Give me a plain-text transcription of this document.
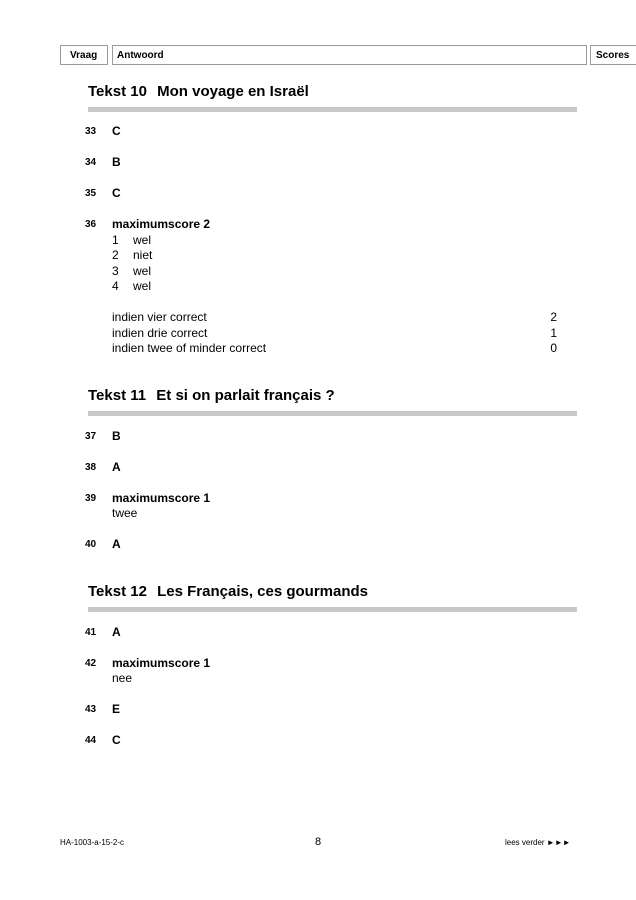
Vraag	Antwoord	Scores
Tekst 10 Mon voyage en Israël
33 C
34 B
35 C
36 maximumscore 2
1 wel
2 niet
3 wel
4 wel
indien vier correct	2
indien drie correct	1
indien twee of minder correct	0
Tekst 11 Et si on parlait français ?
37 B
38 A
39 maximumscore 1
twee
40 A
Tekst 12 Les Français, ces gourmands
41 A
42 maximumscore 1
nee
43 E
44 C
HA-1003-a-15-2-c	8	lees verder ►►►
